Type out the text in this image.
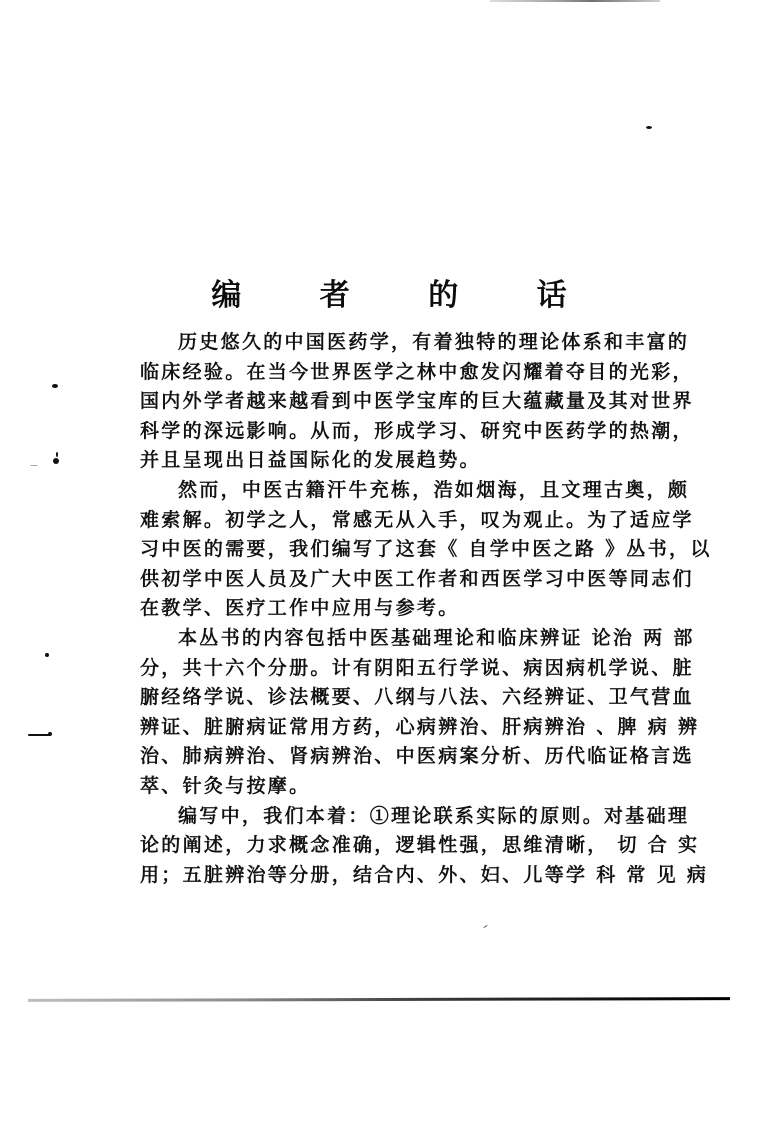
编 者 的 话

历史悠久的中国医药学，有着独特的理论体系和丰富的
临床经验。在当今世界医学之林中愈发闪耀着夺目的光彩，
国内外学者越来越看到中医学宝库的巨大蕴藏量及其对世界
科学的深远影响。从而，形成学习、研究中医药学的热潮，
并且呈现出日益国际化的发展趋势。

然而，中医古籍汗牛充栋，浩如烟海，且文理古奥，颇
难索解。初学之人，常感无从入手，叹为观止。为了适应学
习中医的需要，我们编写了这套《 自学中医之路 》丛书，以
供初学中医人员及广大中医工作者和西医学习中医等同志们
在教学、医疗工作中应用与参考。

本丛书的内容包括中医基础理论和临床辨证 论治 两 部
分，共十六个分册。计有阴阳五行学说、病因病机学说、脏
腑经络学说、诊法概要、八纲与八法、六经辨证、卫气营血
辨证、脏腑病证常用方药，心病辨治、肝病辨治 、脾 病 辨
治、肺病辨治、肾病辨治、中医病案分析、历代临证格言选
萃、针灸与按摩。

编写中，我们本着：①理论联系实际的原则。对基础理
论的阐述，力求概念准确，逻辑性强，思维清晰， 切 合 实
用；五脏辨治等分册，结合内、外、妇、儿等学 科 常 见 病
